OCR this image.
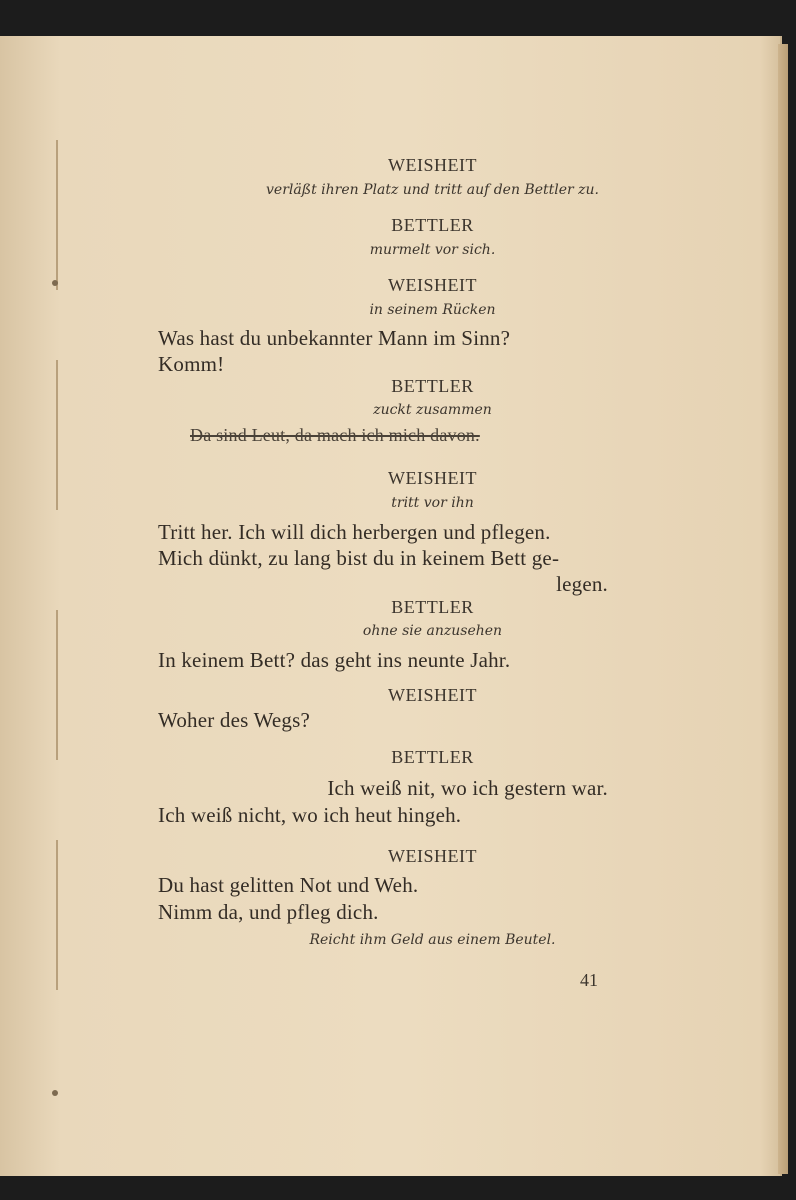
WEISHEIT
verläßt ihren Platz und tritt auf den Bettler zu.
BETTLER
murmelt vor sich.
WEISHEIT
in seinem Rücken
Was hast du unbekannter Mann im Sinn?
Komm!
BETTLER
zuckt zusammen
Da sind Leut, da mach ich mich davon.
WEISHEIT
tritt vor ihn
Tritt her. Ich will dich herbergen und pflegen.
Mich dünkt, zu lang bist du in keinem Bett ge-
legen.
BETTLER
ohne sie anzusehen
In keinem Bett? das geht ins neunte Jahr.
WEISHEIT
Woher des Wegs?
BETTLER
Ich weiß nit, wo ich gestern war.
Ich weiß nicht, wo ich heut hingeh.
WEISHEIT
Du hast gelitten Not und Weh.
Nimm da, und pfleg dich.
Reicht ihm Geld aus einem Beutel.
41
